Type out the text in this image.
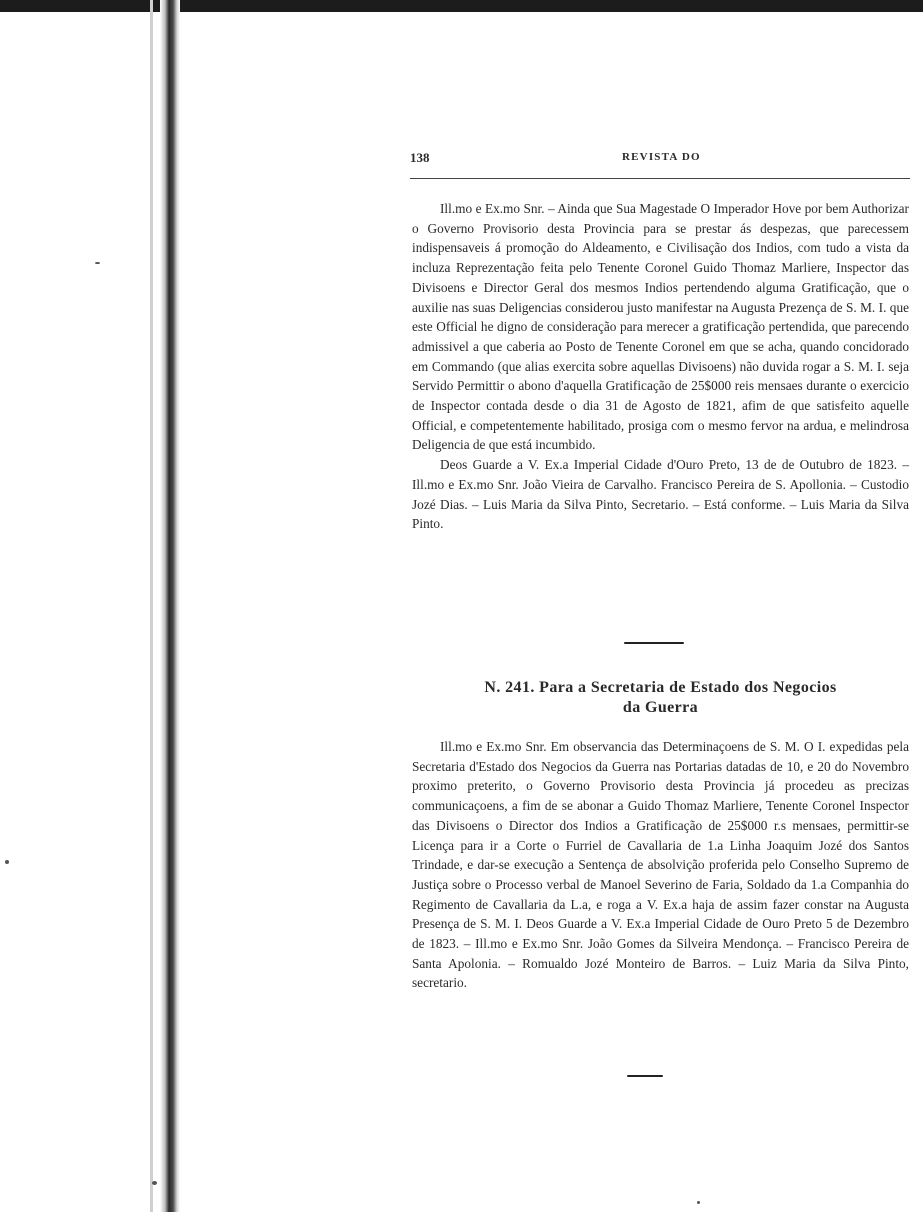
138	REVISTA DO

Ill.mo e Ex.mo Snr. – Ainda que Sua Magestade O Imperador Hove por bem Authorizar o Governo Provisorio desta Provincia para se prestar ás despezas, que parecessem indispensaveis á promoção do Aldeamento, e Civilisação dos Indios, com tudo a vista da incluza Reprezentação feita pelo Tenente Coronel Guido Thomaz Marliere, Inspector das Divisoens e Director Geral dos mesmos Indios pertendendo alguma Gratificação, que o auxilie nas suas Deligencias considerou justo manifestar na Augusta Prezença de S. M. I. que este Official he digno de consideração para merecer a gratificação pertendida, que parecendo admissivel a que caberia ao Posto de Tenente Coronel em que se acha, quando concidorado em Commando (que alias exercita sobre aquellas Divisoens) não duvida rogar a S. M. I. seja Servido Permittir o abono d'aquella Gratificação de 25$000 reis mensaes durante o exercicio de Inspector contada desde o dia 31 de Agosto de 1821, afim de que satisfeito aquelle Official, e competentemente habilitado, prosiga com o mesmo fervor na ardua, e melindrosa Deligencia de que está incumbido.

Deos Guarde a V. Ex.a Imperial Cidade d'Ouro Preto, 13 de de Outubro de 1823. – Ill.mo e Ex.mo Snr. João Vieira de Carvalho. Francisco Pereira de S. Apollonia. – Custodio Jozé Dias. – Luis Maria da Silva Pinto, Secretario. – Está conforme. – Luis Maria da Silva Pinto.

N. 241. Para a Secretaria de Estado dos Negocios
da Guerra

Ill.mo e Ex.mo Snr. Em observancia das Determinaçoens de S. M. O I. expedidas pela Secretaria d'Estado dos Negocios da Guerra nas Portarias datadas de 10, e 20 do Novembro proximo preterito, o Governo Provisorio desta Provincia já procedeu as precizas communicaçoens, a fim de se abonar a Guido Thomaz Marliere, Tenente Coronel Inspector das Divisoens o Director dos Indios a Gratificação de 25$000 r.s mensaes, permittir-se Licença para ir a Corte o Furriel de Cavallaria de 1.a Linha Joaquim Jozé dos Santos Trindade, e dar-se execução a Sentença de absolvição proferida pelo Conselho Supremo de Justiça sobre o Processo verbal de Manoel Severino de Faria, Soldado da 1.a Companhia do Regimento de Cavallaria da L.a, e roga a V. Ex.a haja de assim fazer constar na Augusta Presença de S. M. I. Deos Guarde a V. Ex.a Imperial Cidade de Ouro Preto 5 de Dezembro de 1823. – Ill.mo e Ex.mo Snr. João Gomes da Silveira Mendonça. – Francisco Pereira de Santa Apolonia. – Romualdo Jozé Monteiro de Barros. – Luiz Maria da Silva Pinto, secretario.
